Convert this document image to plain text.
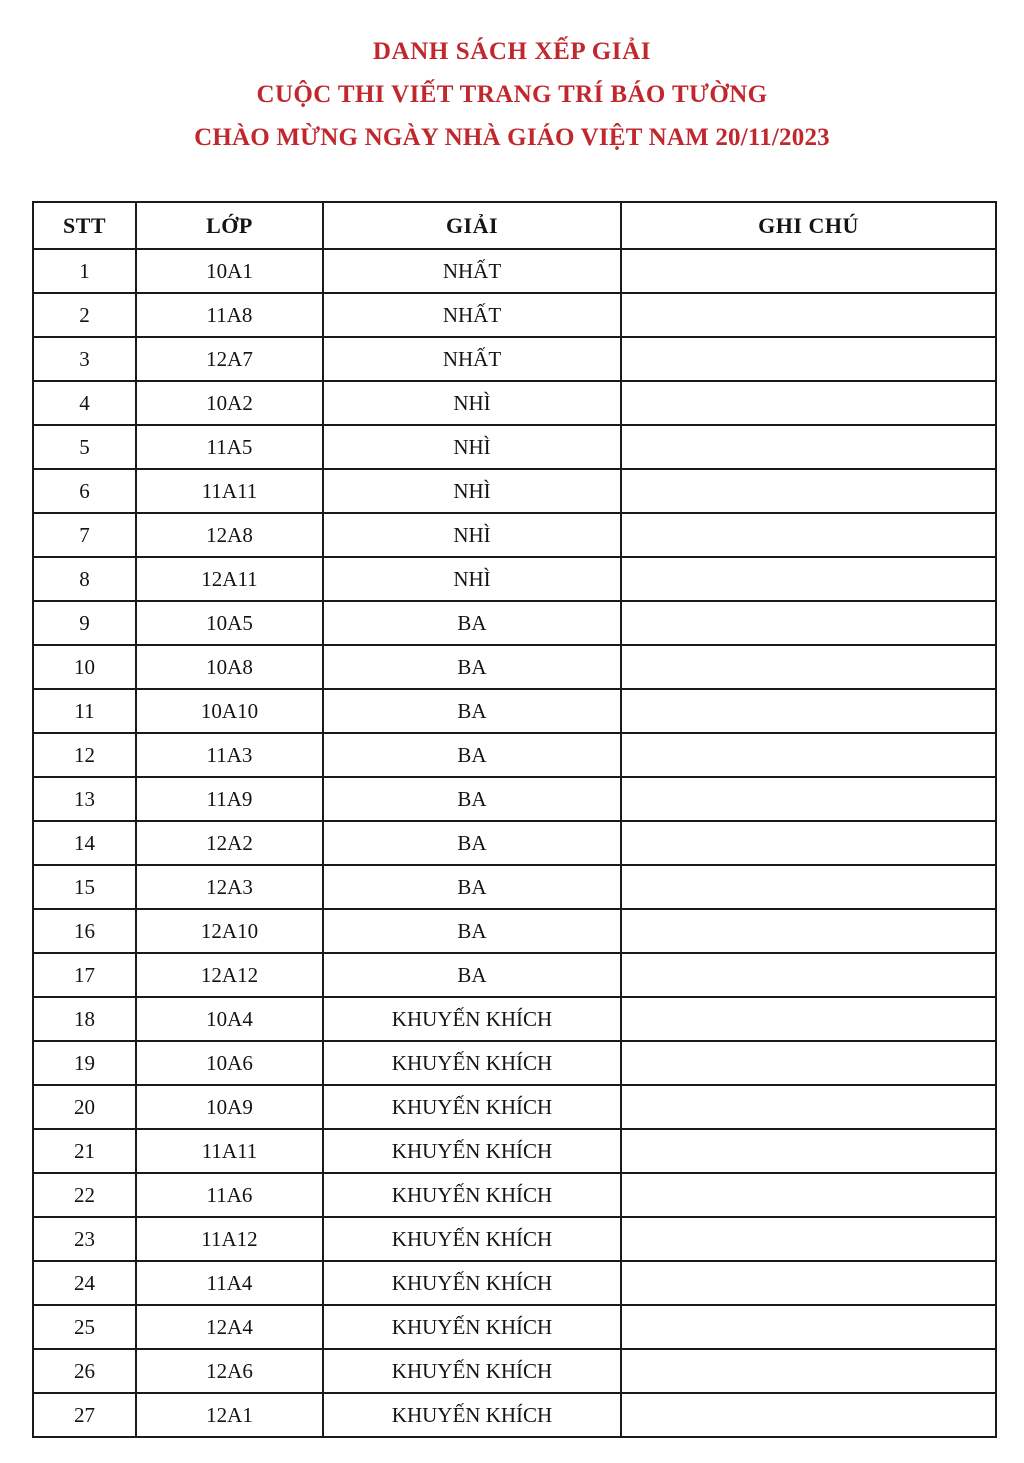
DANH SÁCH XẾP GIẢI
CUỘC THI VIẾT TRANG TRÍ BÁO TƯỜNG
CHÀO MỪNG NGÀY NHÀ GIÁO VIỆT NAM 20/11/2023
STT	LỚP	GIẢI	GHI CHÚ
1	10A1	NHẤT	
2	11A8	NHẤT	
3	12A7	NHẤT	
4	10A2	NHÌ	
5	11A5	NHÌ	
6	11A11	NHÌ	
7	12A8	NHÌ	
8	12A11	NHÌ	
9	10A5	BA	
10	10A8	BA	
11	10A10	BA	
12	11A3	BA	
13	11A9	BA	
14	12A2	BA	
15	12A3	BA	
16	12A10	BA	
17	12A12	BA	
18	10A4	KHUYẾN KHÍCH	
19	10A6	KHUYẾN KHÍCH	
20	10A9	KHUYẾN KHÍCH	
21	11A11	KHUYẾN KHÍCH	
22	11A6	KHUYẾN KHÍCH	
23	11A12	KHUYẾN KHÍCH	
24	11A4	KHUYẾN KHÍCH	
25	12A4	KHUYẾN KHÍCH	
26	12A6	KHUYẾN KHÍCH	
27	12A1	KHUYẾN KHÍCH	
